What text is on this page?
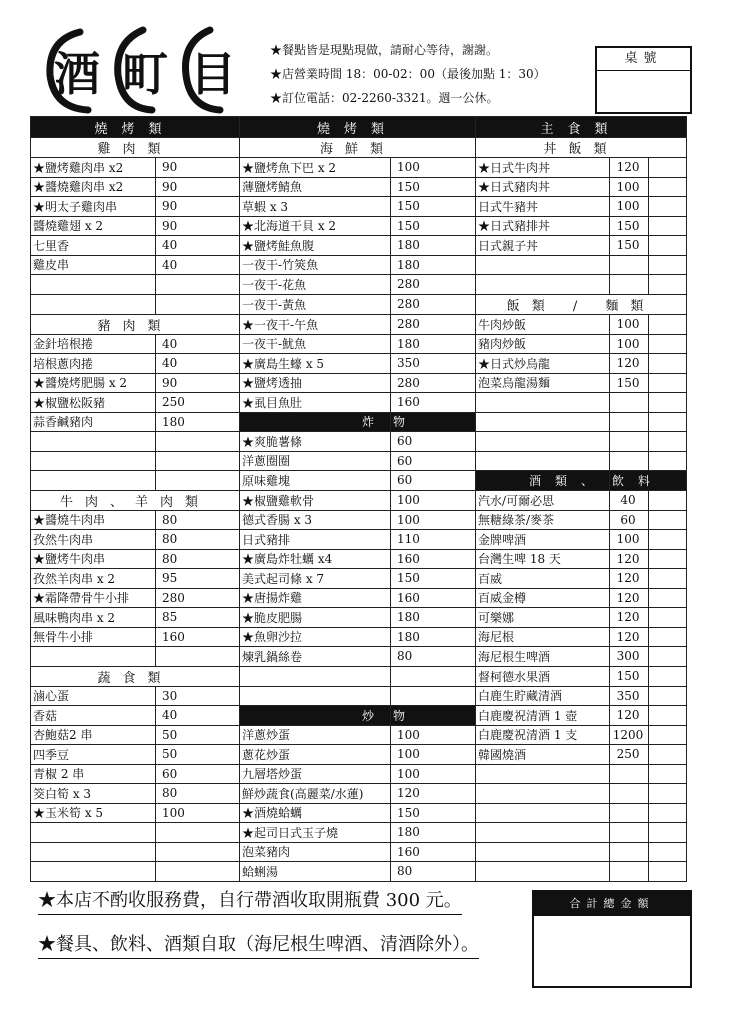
酒 町 目	★餐點皆是現點現做，請耐心等待，謝謝。
★店營業時間 18：00-02：00（最後加點 1：30）
★訂位電話：02-2260-3321。週一公休。
桌號
燒烤類		燒烤類		主食類		
雞肉類		海鮮類		丼飯類		
★鹽烤雞肉串 x2	90	★鹽烤魚下巴 x 2	100	★日式牛肉丼	120	
★醬燒雞肉串 x2	90	薄鹽烤鯖魚	150	★日式豬肉丼	100	
★明太子雞肉串	90	草蝦 x 3	150	日式牛豬丼	100	
醬燒雞翅 x 2	90	★北海道干貝 x 2	150	★日式豬排丼	150	
七里香	40	★鹽烤鮭魚腹	180	日式親子丼	150	
雞皮串	40	一夜干-竹筴魚	180			
		一夜干-花魚	280			
		一夜干-黃魚	280	飯類 / 麵類		
豬肉類		★一夜干-午魚	280	牛肉炒飯	100	
金針培根捲	40	一夜干-魷魚	180	豬肉炒飯	100	
培根蔥肉捲	40	★廣島生蠔 x 5	350	★日式炒烏龍	120	
★醬燒烤肥腸 x 2	90	★鹽烤透抽	280	泡菜烏龍湯麵	150	
★椒鹽松阪豬	250	★虱目魚肚	160			
蒜香鹹豬肉	180	炸	物			
		★爽脆薯條	60			
		洋蔥圈圈	60			
		原味雞塊	60	酒類、	飲料	
牛肉、羊肉類		★椒鹽雞軟骨	100	汽水/可爾必思	40	
★醬燒牛肉串	80	德式香腸 x 3	100	無糖綠茶/麥茶	60	
孜然牛肉串	80	日式豬排	110	金牌啤酒	100	
★鹽烤牛肉串	80	★廣島炸牡蠣 x4	160	台灣生啤 18 天	120	
孜然羊肉串 x 2	95	美式起司條 x 7	150	百威	120	
★霜降帶骨牛小排	280	★唐揚炸雞	160	百威金樽	120	
風味鴨肉串 x 2	85	★脆皮肥腸	180	可樂娜	120	
無骨牛小排	160	★魚卵沙拉	180	海尼根	120	
		煉乳鍋絲卷	80	海尼根生啤酒	300	
蔬食類				督柯德水果酒	150	
滷心蛋	30			白鹿生貯藏清酒	350	
香菇	40	炒	物	白鹿慶祝清酒 1 壺	120	
杏鮑菇2 串	50	洋蔥炒蛋	100	白鹿慶祝清酒 1 支	1200	
四季豆	50	蔥花炒蛋	100	韓國燒酒	250	
青椒 2 串	60	九層塔炒蛋	100			
筊白筍 x 3	80	鮮炒蔬食(高麗菜/水蓮)	120			
★玉米筍 x 5	100	★酒燒蛤蠣	150			
		★起司日式玉子燒	180			
		泡菜豬肉	160			
		蛤蜊湯	80			
★本店不酌收服務費，自行帶酒收取開瓶費 300 元。
★餐具、飲料、酒類自取（海尼根生啤酒、清酒除外）。
合計總金額
